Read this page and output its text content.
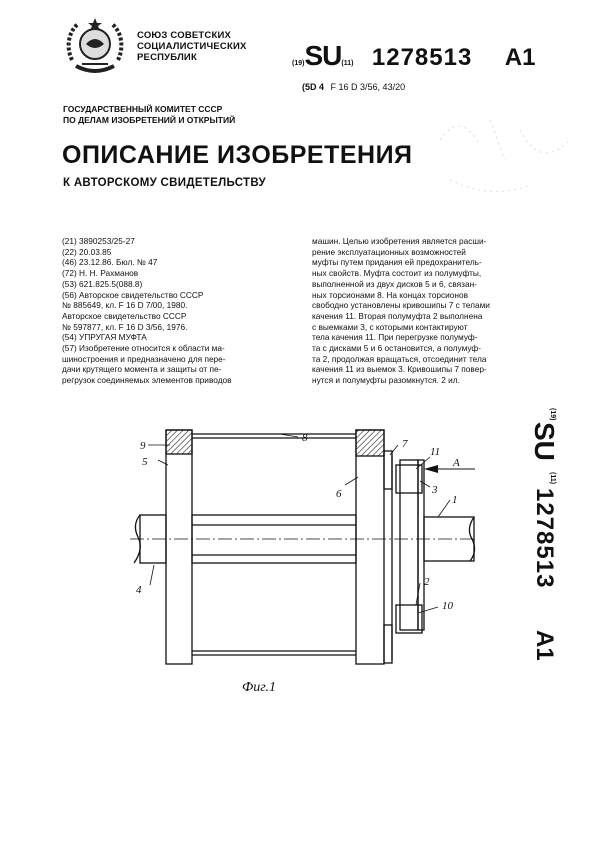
СОЮЗ СОВЕТСКИХ
СОЦИАЛИСТИЧЕСКИХ
РЕСПУБЛИК
(19)SU(11) 1278513 A1
(5D 4 F 16 D 3/56, 43/20
ГОСУДАРСТВЕННЫЙ КОМИТЕТ СССР
ПО ДЕЛАМ ИЗОБРЕТЕНИЙ И ОТКРЫТИЙ
ОПИСАНИЕ ИЗОБРЕТЕНИЯ
К АВТОРСКОМУ СВИДЕТЕЛЬСТВУ
(21) 3890253/25-27
(22) 20.03.85
(46) 23.12.86. Бюл. № 47
(72) Н. Н. Рахманов
(53) 621.825.5(088.8)
(56) Авторское свидетельство СССР
№ 885649, кл. F 16 D 7/00, 1980.
Авторское свидетельство СССР
№ 597877, кл. F 16 D 3/56, 1976.
(54) УПРУГАЯ МУФТА
(57) Изобретение относится к области ма-
шиностроения и предназначено для пере-
дачи крутящего момента и защиты от пе-
регрузок соединяемых элементов приводов
машин. Целью изобретения является расши-
рение эксплуатационных возможностей
муфты путем придания ей предохранитель-
ных свойств. Муфта состоит из полумуфты,
выполненной из двух дисков 5 и 6, связан-
ных торсионами 8. На концах торсионов
свободно установлены кривошипы 7 с телами
качения 11. Вторая полумуфта 2 выполнена
с выемками 3, с которыми контактируют
тела качения 11. При перегрузке полумуф-
та с дисками 5 и 6 остановится, а полумуф-
та 2, продолжая вращаться, отсоединит тела
качения 11 из выемок 3. Кривошипы 7 повер-
нутся и полумуфты разомкнутся. 2 ил.
(19)
SU
(11)
1278513
A1
9
8
5
7
11
A
3
6	1
4
2
10
Фиг.1
